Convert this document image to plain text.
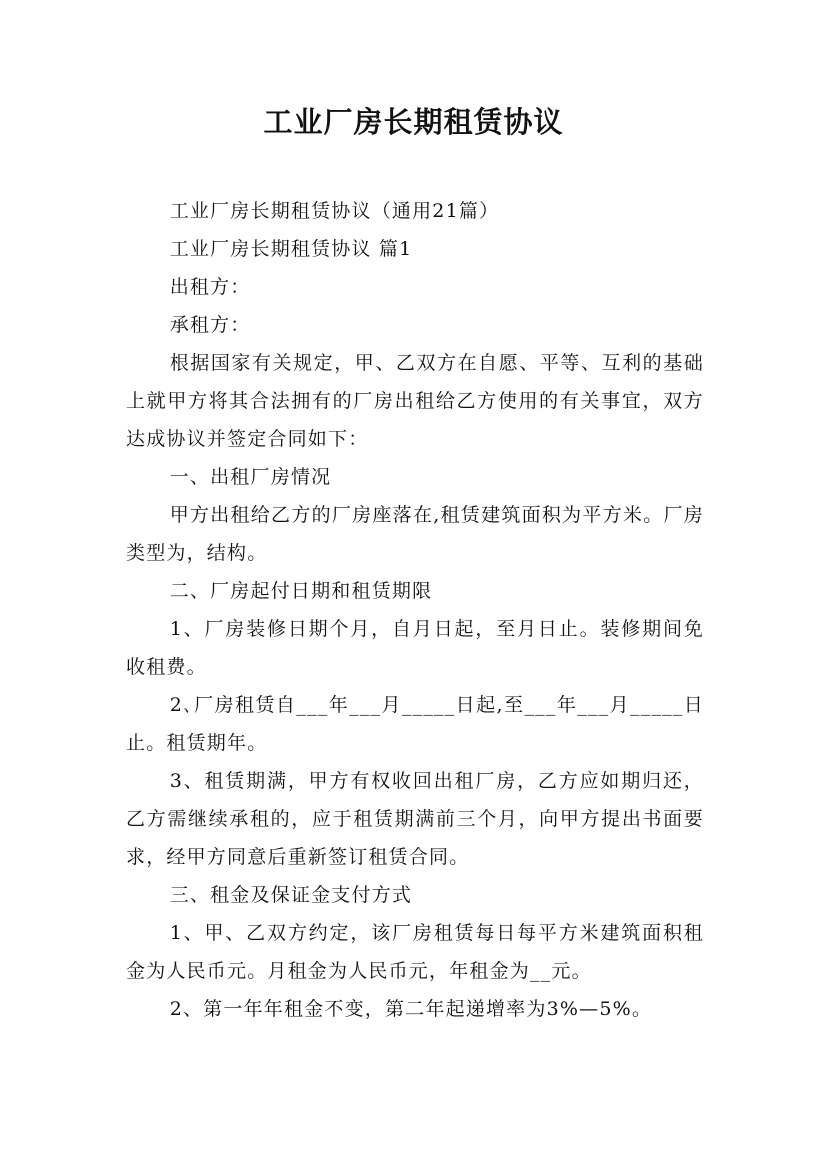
工业厂房长期租赁协议

工业厂房长期租赁协议（通用21篇）

工业厂房长期租赁协议 篇1

出租方：

承租方：

根据国家有关规定，甲、乙双方在自愿、平等、互利的基础上就甲方将其合法拥有的厂房出租给乙方使用的有关事宜，双方达成协议并签定合同如下：

一、出租厂房情况

甲方出租给乙方的厂房座落在,租赁建筑面积为平方米。厂房类型为，结构。

二、厂房起付日期和租赁期限

1、厂房装修日期个月，自月日起，至月日止。装修期间免收租费。

2､厂房租赁自___年___月_____日起,至___年___月_____日止。租赁期年。

3、租赁期满，甲方有权收回出租厂房，乙方应如期归还，乙方需继续承租的，应于租赁期满前三个月，向甲方提出书面要求，经甲方同意后重新签订租赁合同。

三、租金及保证金支付方式

1、甲、乙双方约定，该厂房租赁每日每平方米建筑面积租金为人民币元。月租金为人民币元，年租金为__元。

2、第一年年租金不变，第二年起递增率为3%—5%。
